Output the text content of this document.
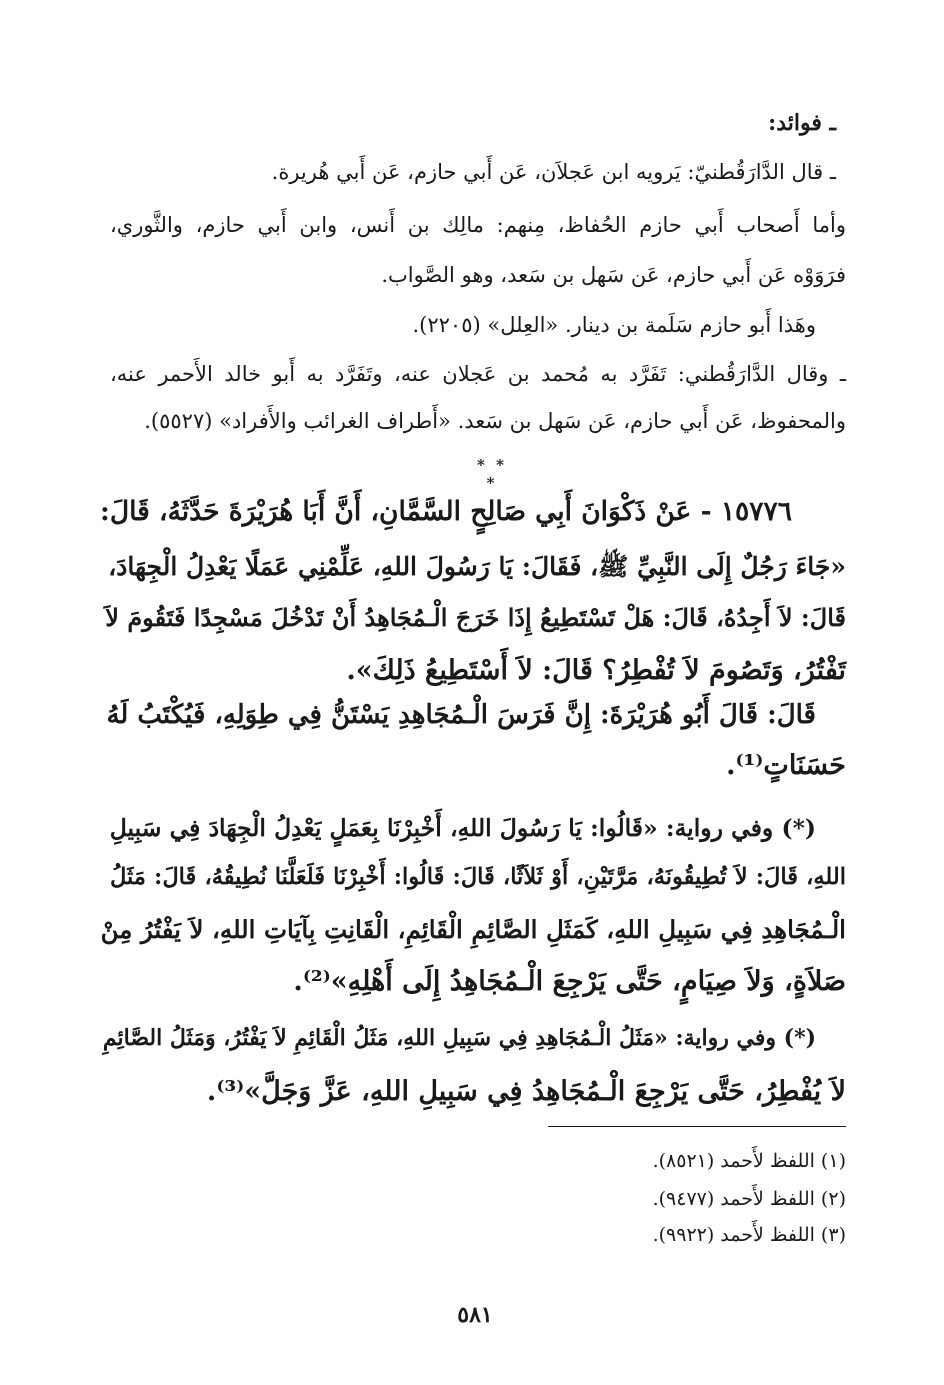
ـ فوائد:

ـ قال الدَّارَقُطنيّ: يَرويه ابن عَجلاَن، عَن أَبي حازم، عَن أَبي هُريرة.

وأما أَصحاب أَبي حازم الحُفاظ، مِنهم: مالِك بن أَنس، وابن أَبي حازم، والثَّوري،

فرَوَوْه عَن أَبي حازم، عَن سَهل بن سَعد، وهو الصَّواب.

وهَذا أَبو حازم سَلَمة بن دينار. «العِلل» (٢٢٠٥).

ـ وقال الدَّارَقُطني: تَفَرَّد به مُحمد بن عَجلان عنه، وتَفَرَّد به أَبو خالد الأَحمر عنه،

والمحفوظ، عَن أَبي حازم، عَن سَهل بن سَعد. «أَطراف الغرائب والأَفراد» (٥٥٢٧).

* * *

١٥٧٧٦ - عَنْ ذَكْوَانَ أَبِي صَالِحٍ السَّمَّانِ، أَنَّ أَبَا هُرَيْرَةَ حَدَّثَهُ، قَالَ:

«جَاءَ رَجُلٌ إِلَى النَّبِيِّ ﷺ، فَقَالَ: يَا رَسُولَ اللهِ، عَلِّمْنِي عَمَلًا يَعْدِلُ الْجِهَادَ،

قَالَ: لاَ أَجِدُهُ، قَالَ: هَلْ تَسْتَطِيعُ إِذَا خَرَجَ الْـمُجَاهِدُ أَنْ تَدْخُلَ مَسْجِدًا فَتَقُومَ لاَ

تَفْتُرُ، وَتَصُومَ لاَ تُفْطِرُ؟ قَالَ: لاَ أَسْتَطِيعُ ذَلِكَ».

قَالَ: قَالَ أَبُو هُرَيْرَةَ: إِنَّ فَرَسَ الْـمُجَاهِدِ يَسْتَنُّ فِي طِوَلِهِ، فَيُكْتَبُ لَهُ

حَسَنَاتٍ⁽¹⁾.

(*) وفي رواية: «قَالُوا: يَا رَسُولَ اللهِ، أَخْبِرْنَا بِعَمَلٍ يَعْدِلُ الْجِهَادَ فِي سَبِيلِ

اللهِ، قَالَ: لاَ تُطِيقُونَهُ، مَرَّتَيْنِ، أَوْ ثَلاَثًا، قَالَ: قَالُوا: أَخْبِرْنَا فَلَعَلَّنَا نُطِيقُهُ، قَالَ: مَثَلُ

الْـمُجَاهِدِ فِي سَبِيلِ اللهِ، كَمَثَلِ الصَّائِمِ الْقَائِمِ، الْقَانِتِ بِآيَاتِ اللهِ، لاَ يَفْتُرُ مِنْ

صَلاَةٍ، وَلاَ صِيَامٍ، حَتَّى يَرْجِعَ الْـمُجَاهِدُ إِلَى أَهْلِهِ»⁽²⁾.

(*) وفي رواية: «مَثَلُ الْـمُجَاهِدِ فِي سَبِيلِ اللهِ، مَثَلُ الْقَائِمِ لاَ يَفْتُرُ، وَمَثَلُ الصَّائِمِ

لاَ يُفْطِرُ، حَتَّى يَرْجِعَ الْـمُجَاهِدُ فِي سَبِيلِ اللهِ، عَزَّ وَجَلَّ»⁽³⁾.

(١) اللفظ لأَحمد (٨٥٢١).

(٢) اللفظ لأَحمد (٩٤٧٧).

(٣) اللفظ لأَحمد (٩٩٢٢).

٥٨١
